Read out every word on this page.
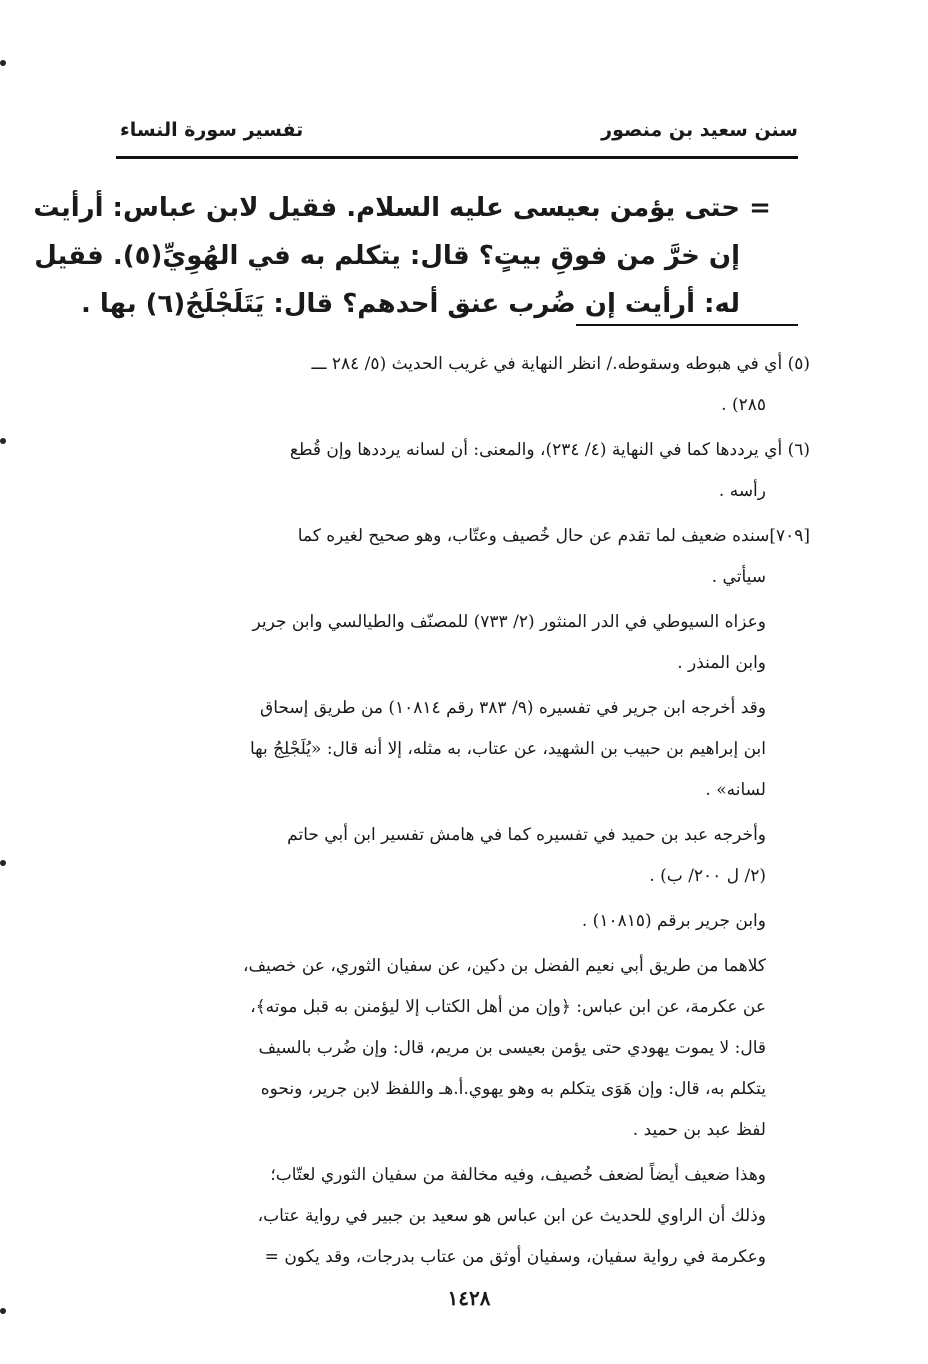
سنن سعيد بن منصور
تفسير سورة النساء
=
حتى يؤمن بعيسى عليه السلام. فقيل لابن عباس: أرأيت
إن خرَّ من فوقِ بيتٍ؟ قال: يتكلم به في الهُوِيِّ(٥). فقيل
له: أرأيت إن ضُرب عنق أحدهم؟ قال: يَتَلَجْلَجُ(٦) بها .
(٥) أي في هبوطه وسقوطه./ انظر النهاية في غريب الحديث (٥/ ٢٨٤ ـــ
٢٨٥) .
(٦) أي يرددها كما في النهاية (٤/ ٢٣٤)، والمعنى: أن لسانه يرددها وإن قُطع
رأسه .
[٧٠٩]سنده ضعيف لما تقدم عن حال خُصيف وعتّاب، وهو صحيح لغيره كما
سيأتي .
وعزاه السيوطي في الدر المنثور (٢/ ٧٣٣) للمصنّف والطيالسي وابن جرير
وابن المنذر .
وقد أخرجه ابن جرير في تفسيره (٩/ ٣٨٣ رقم ١٠٨١٤) من طريق إسحاق
ابن إبراهيم بن حبيب بن الشهيد، عن عتاب، به مثله، إلا أنه قال: «يُلَجْلِجُ بها
لسانه» .
وأخرجه عبد بن حميد في تفسيره كما في هامش تفسير ابن أبي حاتم
(٢/ ل ٢٠٠/ ب) .
وابن جرير برقم (١٠٨١٥) .
كلاهما من طريق أبي نعيم الفضل بن دكين، عن سفيان الثوري، عن خصيف،
عن عكرمة، عن ابن عباس: ﴿وإن من أهل الكتاب إلا ليؤمنن به قبل موته﴾،
قال: لا يموت يهودي حتى يؤمن بعيسى بن مريم، قال: وإن ضُرب بالسيف
يتكلم به، قال: وإن هَوَى يتكلم به وهو يهوي.أ.هـ واللفظ لابن جرير، ونحوه
لفظ عبد بن حميد .
وهذا ضعيف أيضاً لضعف خُصيف، وفيه مخالفة من سفيان الثوري لعتّاب؛
وذلك أن الراوي للحديث عن ابن عباس هو سعيد بن جبير في رواية عتاب،
وعكرمة في رواية سفيان، وسفيان أوثق من عتاب بدرجات، وقد يكون =
١٤٢٨
